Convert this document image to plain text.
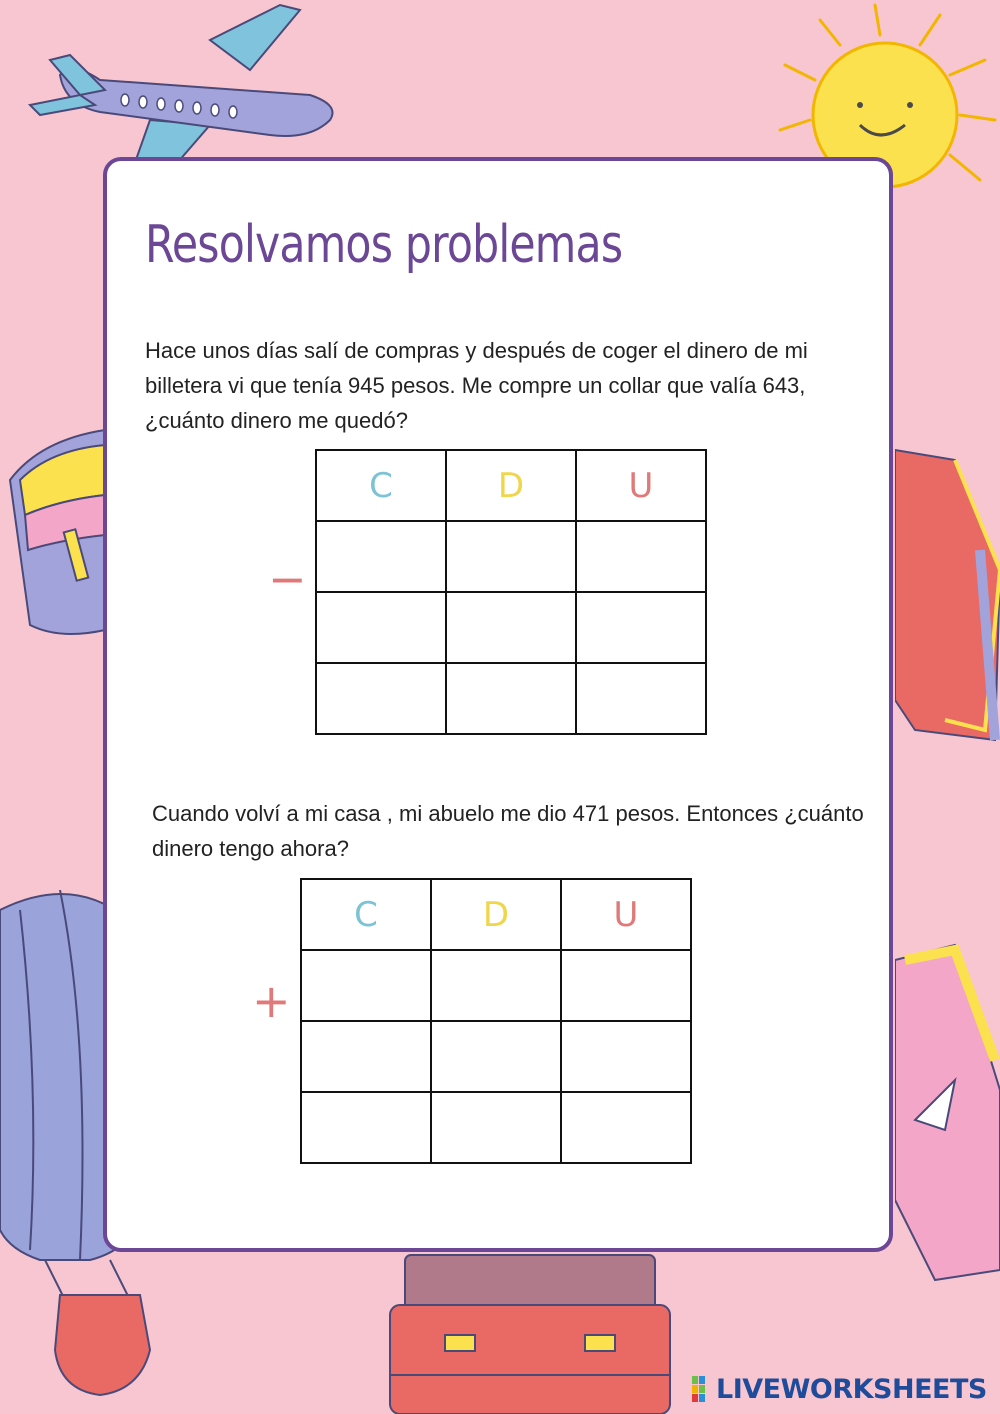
Resolvamos problemas

Hace unos días salí de compras y después de coger el dinero de mi billetera vi que tenía 945 pesos. Me compre un collar que valía 643, ¿cuánto dinero me quedó?

−
C	D	U

Cuando volví a mi casa , mi abuelo me dio 471 pesos. Entonces ¿cuánto dinero tengo ahora?

+
C	D	U

LIVEWORKSHEETS
